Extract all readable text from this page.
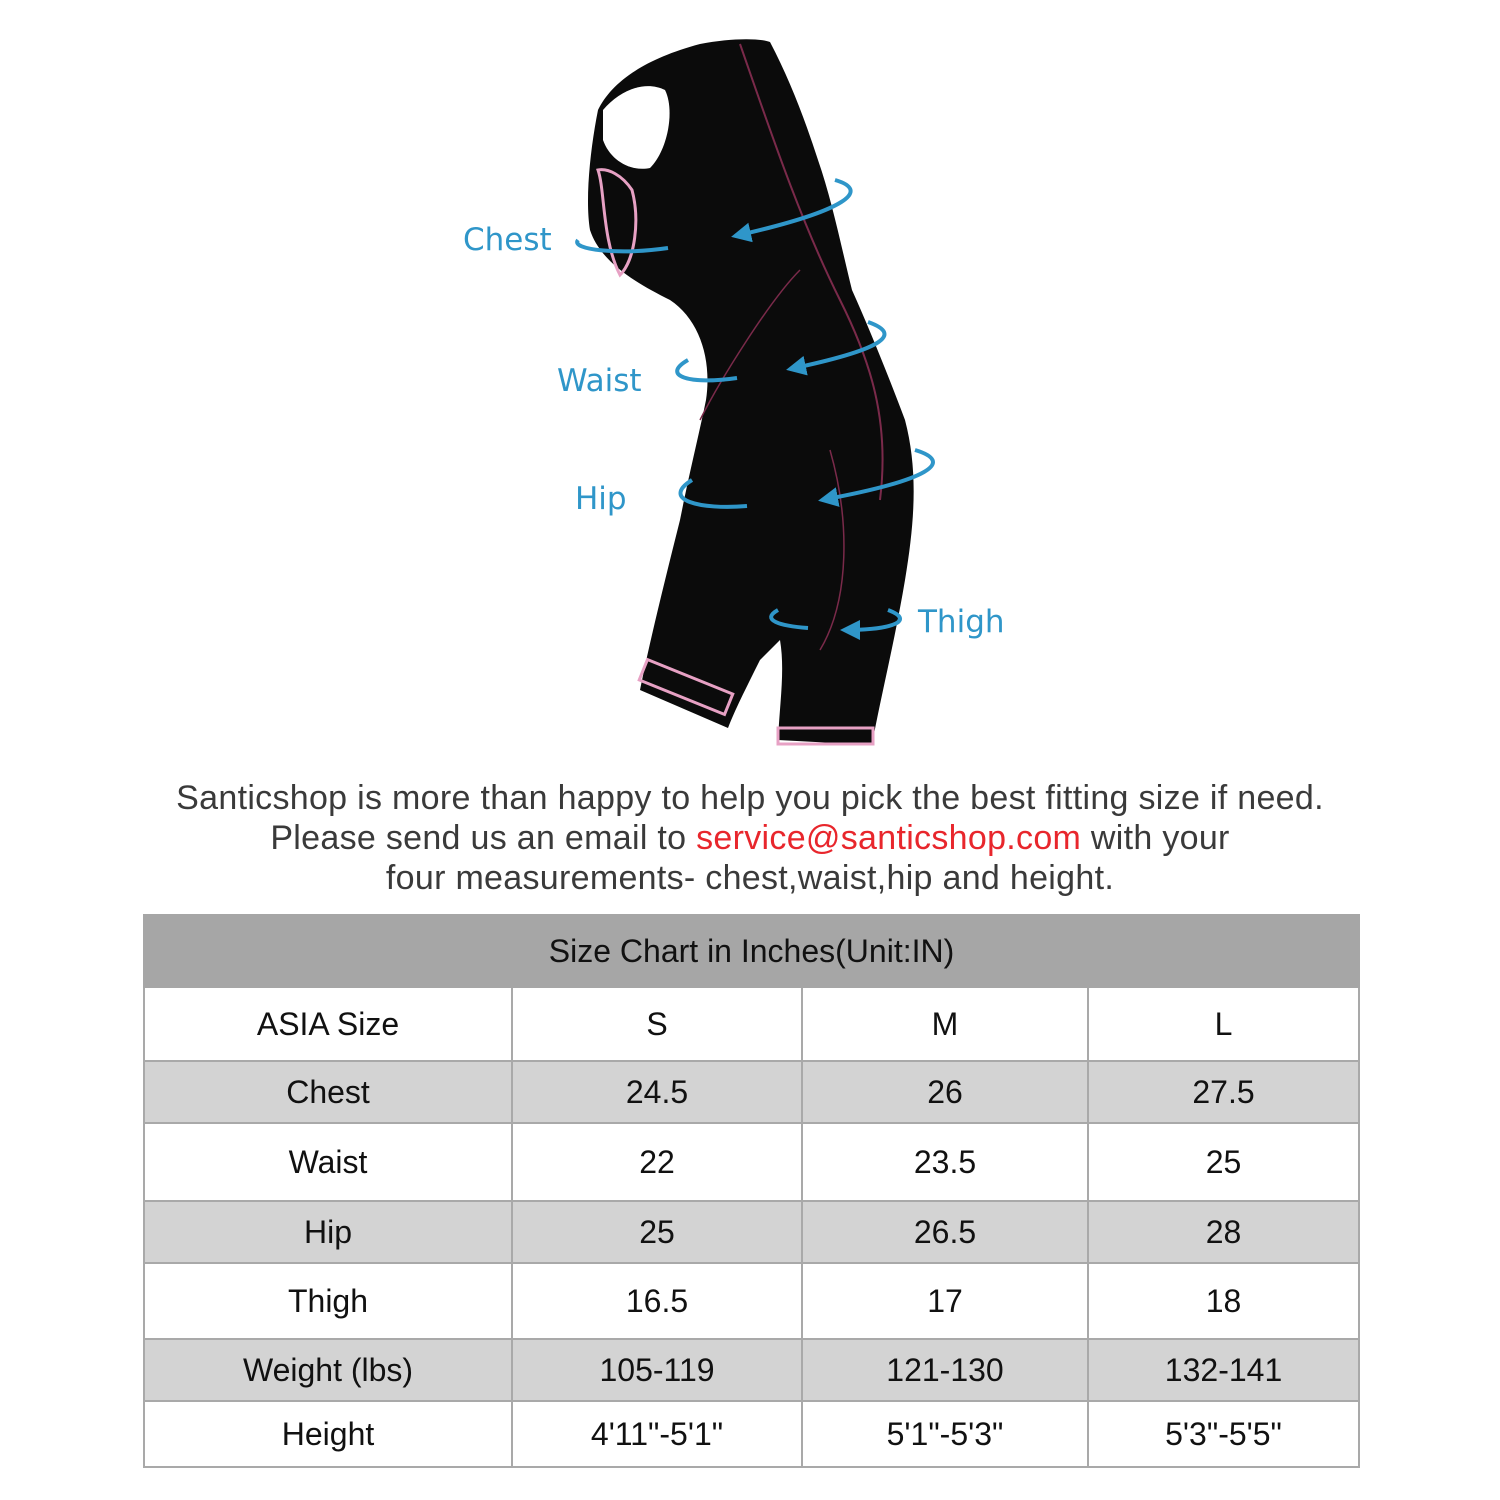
Chest
Waist
Hip
Thigh
Santicshop is more than happy to help you pick the best fitting size if need.
Please send us an email to service@santicshop.com with your
four measurements- chest,waist,hip and height.
Size Chart in Inches(Unit:IN)			
ASIA Size	S	M	L
Chest	24.5	26	27.5
Waist	22	23.5	25
Hip	25	26.5	28
Thigh	16.5	17	18
Weight (lbs)	105-119	121-130	132-141
Height	4'11"-5'1"	5'1"-5'3"	5'3"-5'5"
